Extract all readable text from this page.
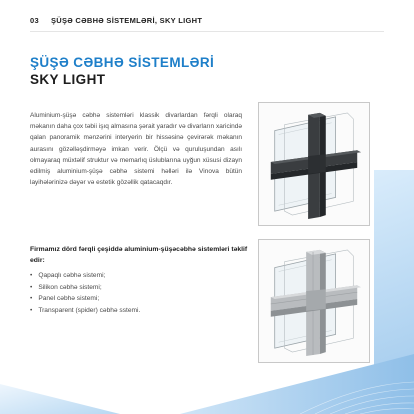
03 ŞÜŞƏ CƏBHƏ SİSTEMLƏRİ, SKY LIGHT
ŞÜŞƏ CƏBHƏ SİSTEMLƏRİ
SKY LIGHT
Aluminium-şüşə cəbhə sistemləri klassik divarlardan fərqli olaraq məkanın daha çox təbii işıq almasına şərait yaradır və divarların xaricində qalan panoramik mənzərini interyerin bir hissəsinə çevirərək məkanın aurasını gözəlləşdirməyə imkan verir. Ölçü və quruluşundan asılı olmayaraq müxtəlif struktur və memarlıq üslublarına uyğun xüsusi dizayn edilmiş aluminium-şüşə cəbhə sistemi həlləri ilə Vinova bütün layihələrinizə dəyər və estetik gözəllik qatacaqdır.
Firmamız dörd fərqli çeşiddə aluminium-şüşəcəbhə sistemləri təklif edir:
• Qapaqlı cəbhə sistemi;
• Silikon cəbhə sistemi;
• Panel cəbhə sistemi;
• Transparent (spider) cəbhə sstemi.
